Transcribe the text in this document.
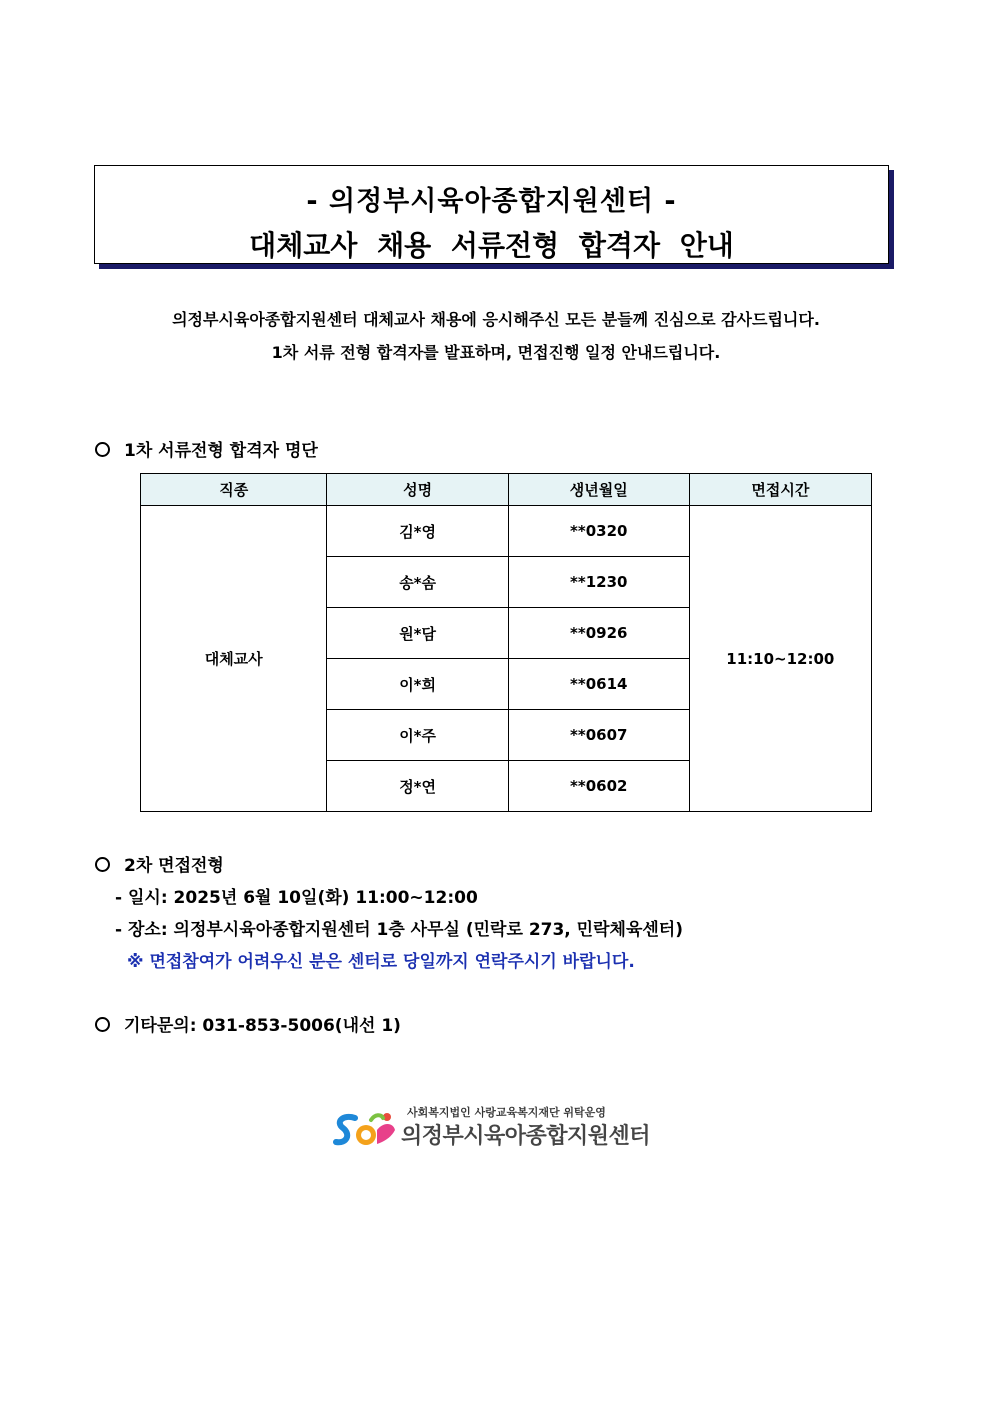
- 의정부시육아종합지원센터 -
대체교사 채용 서류전형 합격자 안내
의정부시육아종합지원센터 대체교사 채용에 응시해주신 모든 분들께 진심으로 감사드립니다.
1차 서류 전형 합격자를 발표하며, 면접진행 일정 안내드립니다.
1차 서류전형 합격자 명단
직종	성명	생년월일	면접시간
대체교사	김*영	**0320	11:10~12:00
	송*솜	**1230	
	원*담	**0926	
	이*희	**0614	
	이*주	**0607	
	정*연	**0602	
2차 면접전형
- 일시: 2025년 6월 10일(화) 11:00~12:00
- 장소: 의정부시육아종합지원센터 1층 사무실 (민락로 273, 민락체육센터)
※ 면접참여가 어려우신 분은 센터로 당일까지 연락주시기 바랍니다.
기타문의: 031-853-5006(내선 1)
사회복지법인 사랑교육복지재단 위탁운영
의정부시육아종합지원센터
